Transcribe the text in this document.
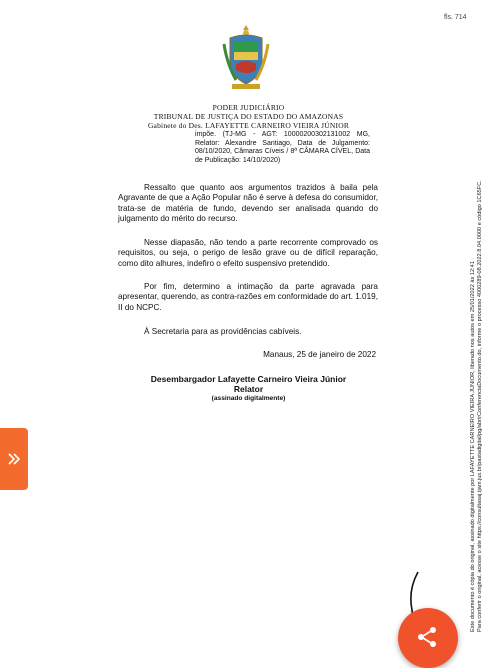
fls. 714
PODER JUDICIÁRIO
TRIBUNAL DE JUSTIÇA DO ESTADO DO AMAZONAS
Gabinete do Des. LAFAYETTE CARNEIRO VIEIRA JÚNIOR
impõe. (TJ-MG - AGT: 10000200302131002 MG, Relator: Alexandre Santiago, Data de Julgamento: 08/10/2020, Câmaras Cíveis / 8ª CÂMARA CÍVEL, Data de Publicação: 14/10/2020)

Ressalto que quanto aos argumentos trazidos à baila pela Agravante de que a Ação Popular não é serve à defesa do consumidor, trata-se de matéria de fundo, devendo ser analisada quando do julgamento do mérito do recurso.

Nesse diapasão, não tendo a parte recorrente comprovado os requisitos, ou seja, o perigo de lesão grave ou de difícil reparação, como dito alhures, indefiro o efeito suspensivo pretendido.

Por fim, determino a intimação da parte agravada para apresentar, querendo, as contra-razões em conformidade do art. 1.019, II do NCPC.

À Secretaria para as providências cabíveis.

Manaus, 25 de janeiro de 2022
Desembargador Lafayette Carneiro Vieira Júnior
Relator
(assinado digitalmente)	Este documento é cópia do original, assinado digitalmente por LAFAYETTE CARNEIRO VIEIRA JUNIOR, liberado nos autos em 25/01/2022 às 12:41 . Para conferir o original, acesse o site https://consultasaj.tjam.jus.br/pastadigital/pg/abrirConferenciaDocumento.do, informe o processo 4000289-08.2022.8.04.0000 e código 1C65FC.
